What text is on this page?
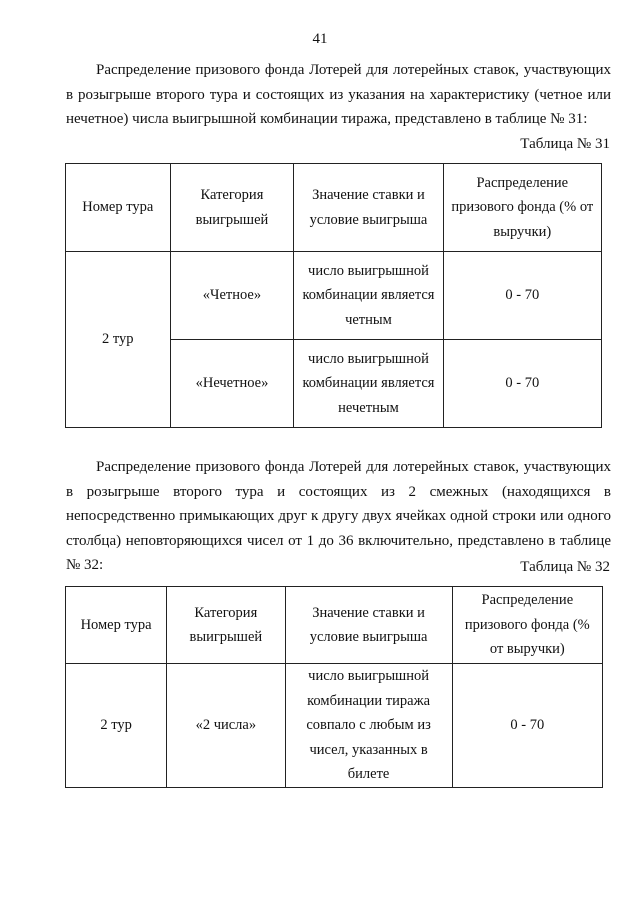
41

Распределение призового фонда Лотерей для лотерейных ставок, участвующих в розыгрыше второго тура и состоящих из указания на характеристику (четное или нечетное) числа выигрышной комбинации тиража, представлено в таблице № 31:

Таблица № 31
Номер тура	Категория выигрышей	Значение ставки и условие выигрыша	Распределение призового фонда (% от выручки)
2 тур	«Четное»	число выигрышной комбинации является четным	0 - 70
	«Нечетное»	число выигрышной комбинации является нечетным	0 - 70

Распределение призового фонда Лотерей для лотерейных ставок, участвующих в розыгрыше второго тура и состоящих из 2 смежных (находящихся в непосредственно примыкающих друг к другу двух ячейках одной строки или одного столбца) неповторяющихся чисел от 1 до 36 включительно, представлено в таблице № 32:	Таблица № 32
Номер тура	Категория выигрышей	Значение ставки и условие выигрыша	Распределение призового фонда (% от выручки)
2 тур	«2 числа»	число выигрышной комбинации тиража совпало с любым из чисел, указанных в билете	0 - 70
